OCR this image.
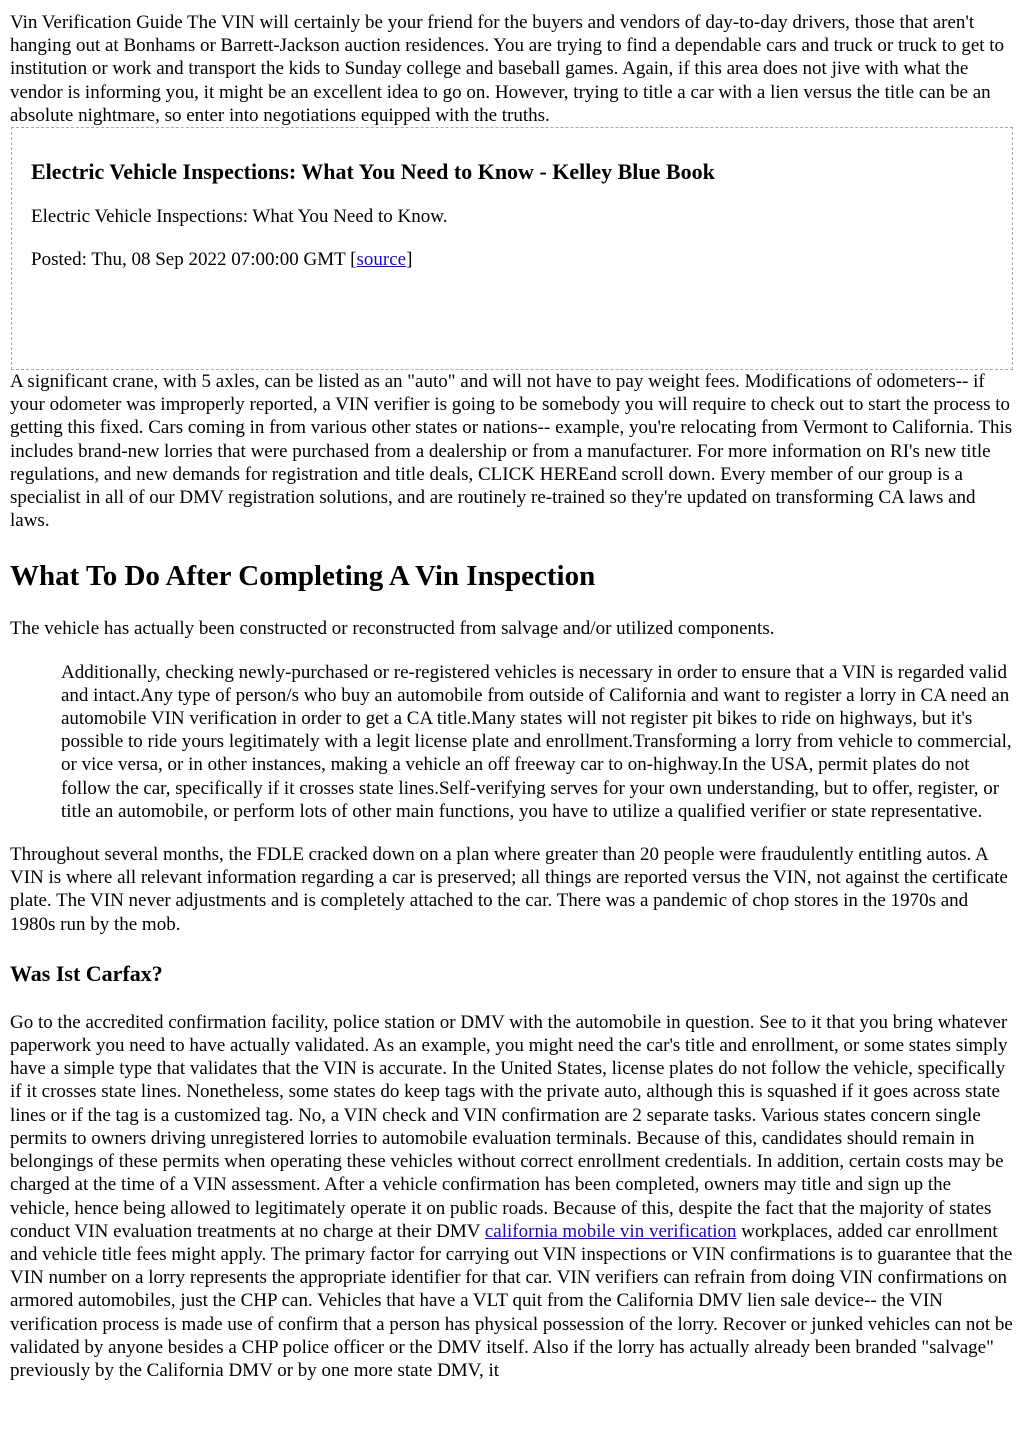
Vin Verification Guide The VIN will certainly be your friend for the buyers and vendors of day-to-day drivers, those that aren't hanging out at Bonhams or Barrett-Jackson auction residences. You are trying to find a dependable cars and truck or truck to get to institution or work and transport the kids to Sunday college and baseball games. Again, if this area does not jive with what the vendor is informing you, it might be an excellent idea to go on. However, trying to title a car with a lien versus the title can be an absolute nightmare, so enter into negotiations equipped with the truths.

Electric Vehicle Inspections: What You Need to Know - Kelley Blue Book

Electric Vehicle Inspections: What You Need to Know.

Posted: Thu, 08 Sep 2022 07:00:00 GMT [source]

A significant crane, with 5 axles, can be listed as an "auto" and will not have to pay weight fees. Modifications of odometers-- if your odometer was improperly reported, a VIN verifier is going to be somebody you will require to check out to start the process to getting this fixed. Cars coming in from various other states or nations-- example, you're relocating from Vermont to California. This includes brand-new lorries that were purchased from a dealership or from a manufacturer. For more information on RI's new title regulations, and new demands for registration and title deals, CLICK HEREand scroll down. Every member of our group is a specialist in all of our DMV registration solutions, and are routinely re-trained so they're updated on transforming CA laws and laws.

What To Do After Completing A Vin Inspection

The vehicle has actually been constructed or reconstructed from salvage and/or utilized components.

Additionally, checking newly-purchased or re-registered vehicles is necessary in order to ensure that a VIN is regarded valid and intact.Any type of person/s who buy an automobile from outside of California and want to register a lorry in CA need an automobile VIN verification in order to get a CA title.Many states will not register pit bikes to ride on highways, but it's possible to ride yours legitimately with a legit license plate and enrollment.Transforming a lorry from vehicle to commercial, or vice versa, or in other instances, making a vehicle an off freeway car to on-highway.In the USA, permit plates do not follow the car, specifically if it crosses state lines.Self-verifying serves for your own understanding, but to offer, register, or title an automobile, or perform lots of other main functions, you have to utilize a qualified verifier or state representative.

Throughout several months, the FDLE cracked down on a plan where greater than 20 people were fraudulently entitling autos. A VIN is where all relevant information regarding a car is preserved; all things are reported versus the VIN, not against the certificate plate. The VIN never adjustments and is completely attached to the car. There was a pandemic of chop stores in the 1970s and 1980s run by the mob.

Was Ist Carfax?

Go to the accredited confirmation facility, police station or DMV with the automobile in question. See to it that you bring whatever paperwork you need to have actually validated. As an example, you might need the car's title and enrollment, or some states simply have a simple type that validates that the VIN is accurate. In the United States, license plates do not follow the vehicle, specifically if it crosses state lines. Nonetheless, some states do keep tags with the private auto, although this is squashed if it goes across state lines or if the tag is a customized tag. No, a VIN check and VIN confirmation are 2 separate tasks. Various states concern single permits to owners driving unregistered lorries to automobile evaluation terminals. Because of this, candidates should remain in belongings of these permits when operating these vehicles without correct enrollment credentials. In addition, certain costs may be charged at the time of a VIN assessment. After a vehicle confirmation has been completed, owners may title and sign up the vehicle, hence being allowed to legitimately operate it on public roads. Because of this, despite the fact that the majority of states conduct VIN evaluation treatments at no charge at their DMV california mobile vin verification workplaces, added car enrollment and vehicle title fees might apply. The primary factor for carrying out VIN inspections or VIN confirmations is to guarantee that the VIN number on a lorry represents the appropriate identifier for that car. VIN verifiers can refrain from doing VIN confirmations on armored automobiles, just the CHP can. Vehicles that have a VLT quit from the California DMV lien sale device-- the VIN verification process is made use of confirm that a person has physical possession of the lorry. Recover or junked vehicles can not be validated by anyone besides a CHP police officer or the DMV itself. Also if the lorry has actually already been branded "salvage" previously by the California DMV or by one more state DMV, it
